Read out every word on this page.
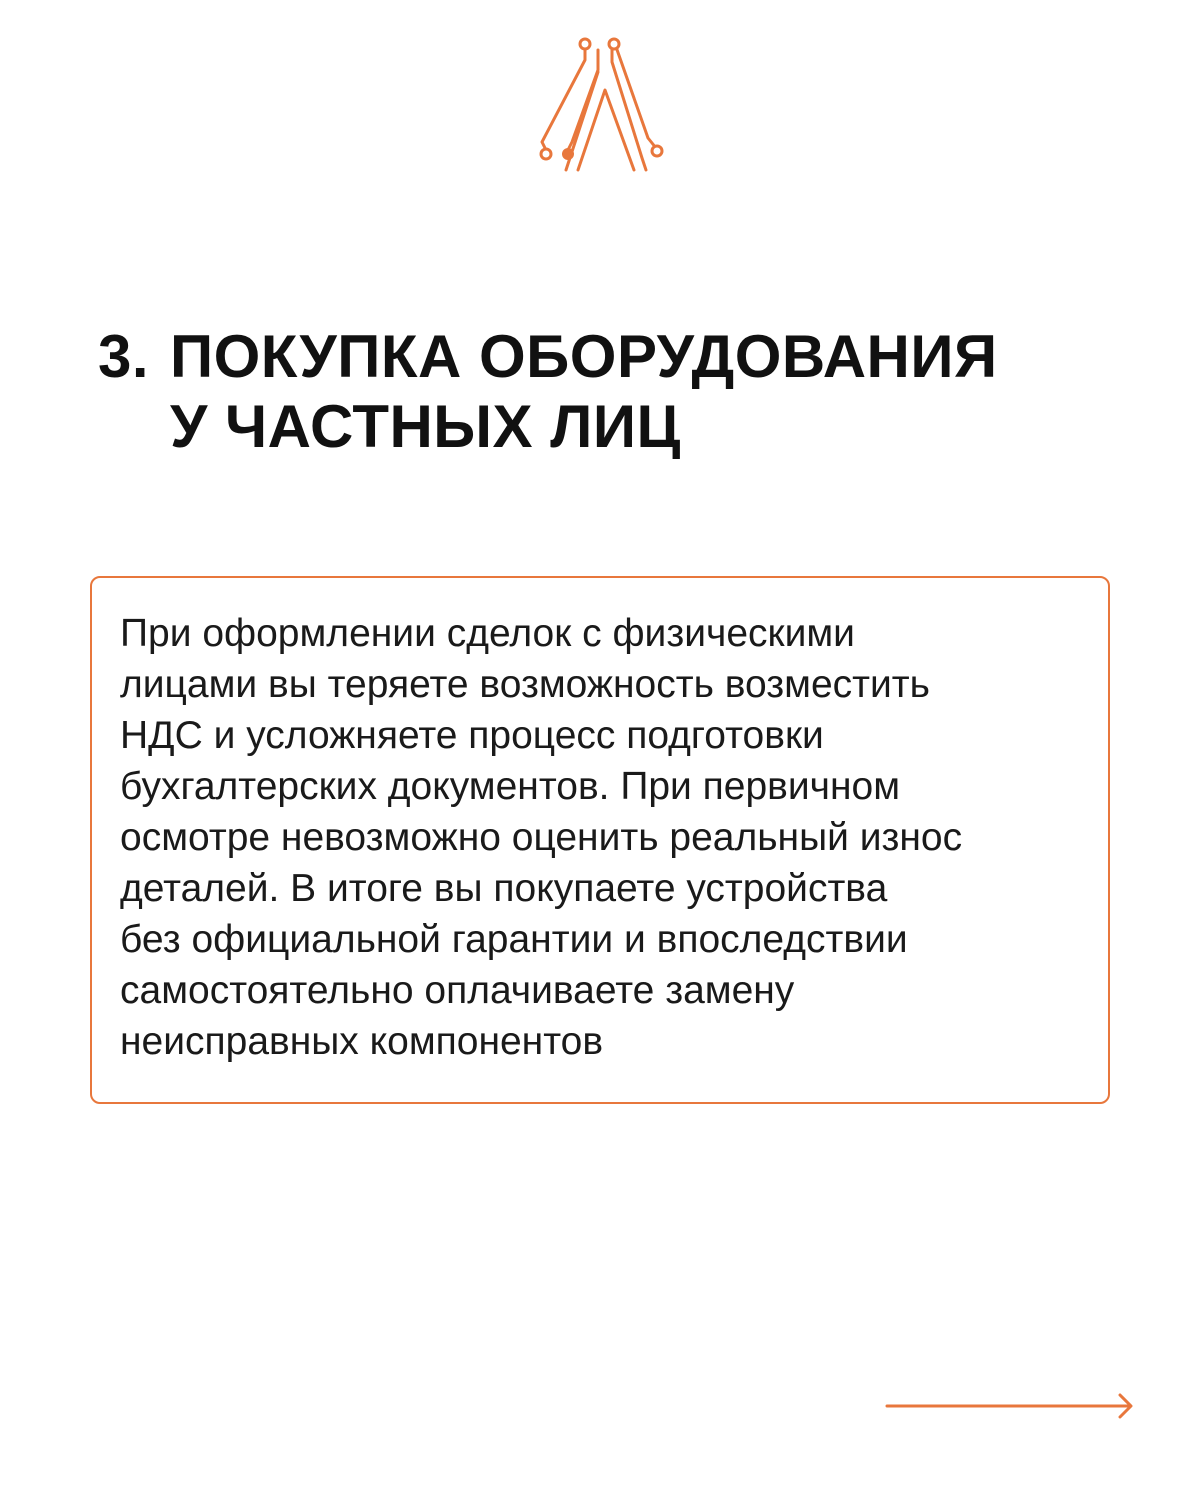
3. ПОКУПКА ОБОРУДОВАНИЯ
У ЧАСТНЫХ ЛИЦ

При оформлении сделок с физическими
лицами вы теряете возможность возместить
НДС и усложняете процесс подготовки
бухгалтерских документов. При первичном
осмотре невозможно оценить реальный износ
деталей. В итоге вы покупаете устройства
без официальной гарантии и впоследствии
самостоятельно оплачиваете замену
неисправных компонентов
